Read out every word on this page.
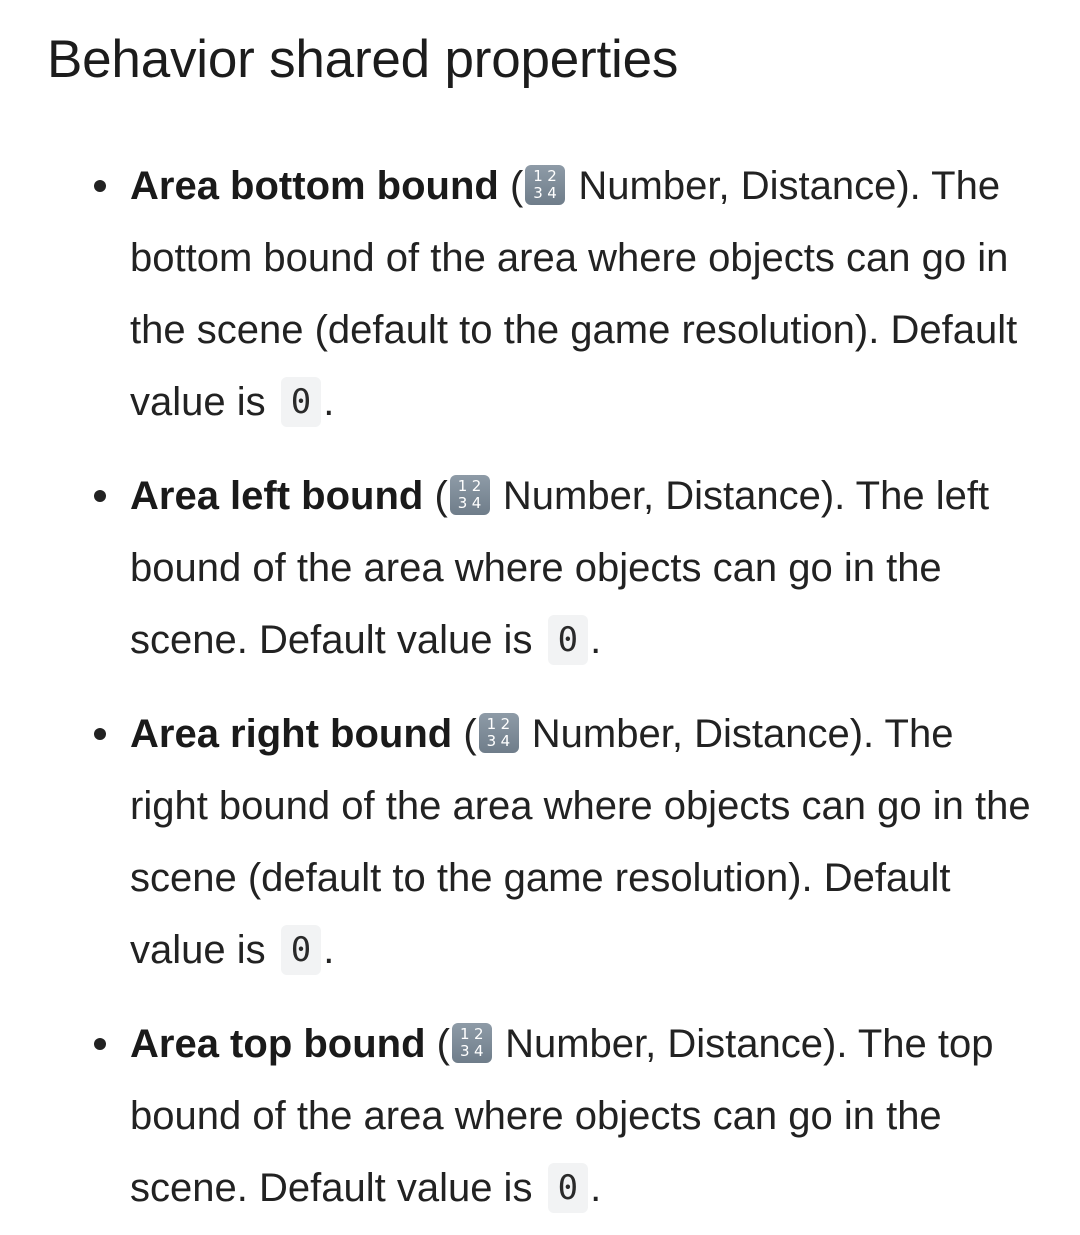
Behavior shared properties
Area bottom bound ( 1 2
3 4 Number, Distance). The bottom bound of the area where objects can go in the scene (default to the game resolution). Default value is 0 .
Area left bound ( 1 2
3 4 Number, Distance). The left bound of the area where objects can go in the scene. Default value is 0 .
Area right bound ( 1 2
3 4 Number, Distance). The right bound of the area where objects can go in the scene (default to the game resolution). Default value is 0 .
Area top bound ( 1 2
3 4 Number, Distance). The top bound of the area where objects can go in the scene. Default value is 0 .
